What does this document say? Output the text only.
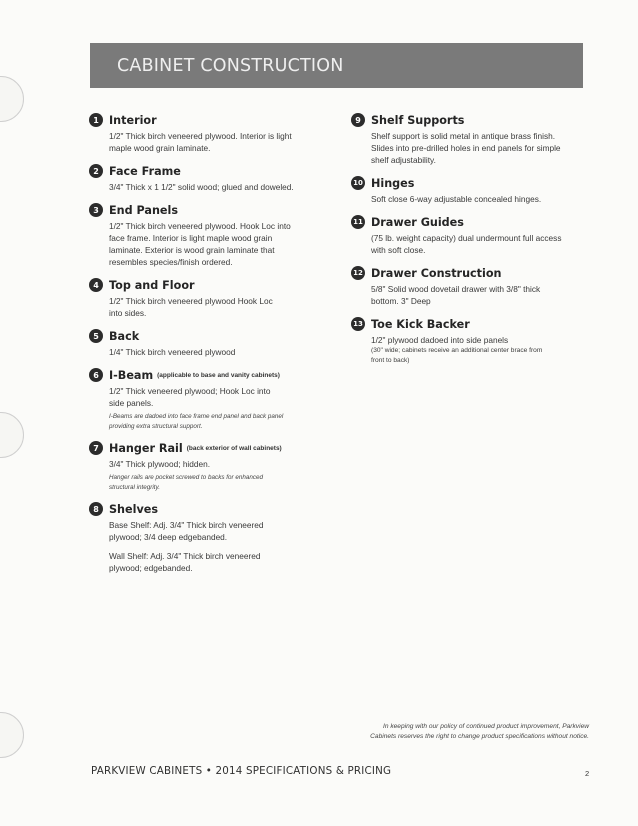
CABINET CONSTRUCTION
1 Interior
1/2" Thick birch veneered plywood. Interior is light
maple wood grain laminate.
2 Face Frame
3/4" Thick x 1 1/2" solid wood; glued and doweled.
3 End Panels
1/2" Thick birch veneered plywood. Hook Loc into
face frame. Interior is light maple wood grain
laminate. Exterior is wood grain laminate that
resembles species/finish ordered.
4 Top and Floor
1/2" Thick birch veneered plywood Hook Loc
into sides.
5 Back
1/4" Thick birch veneered plywood
6 I-Beam (applicable to base and vanity cabinets)
1/2" Thick veneered plywood; Hook Loc into
side panels.
I-Beams are dadoed into face frame end panel and back panel
providing extra structural support.
7 Hanger Rail (back exterior of wall cabinets)
3/4" Thick plywood; hidden.
Hanger rails are pocket screwed to backs for enhanced
structural integrity.
8 Shelves
Base Shelf: Adj. 3/4" Thick birch veneered
plywood; 3/4 deep edgebanded.
Wall Shelf: Adj. 3/4" Thick birch veneered
plywood; edgebanded.
9 Shelf Supports
Shelf support is solid metal in antique brass finish.
Slides into pre-drilled holes in end panels for simple
shelf adjustability.
10 Hinges
Soft close 6-way adjustable concealed hinges.
11 Drawer Guides
(75 lb. weight capacity) dual undermount full access
with soft close.
12 Drawer Construction
5/8" Solid wood dovetail drawer with 3/8" thick
bottom. 3" Deep
13 Toe Kick Backer
1/2" plywood dadoed into side panels
(30" wide; cabinets receive an additional center brace from
front to back)
In keeping with our policy of continued product improvement, Parkview
Cabinets reserves the right to change product specifications without notice.
PARKVIEW CABINETS • 2014 SPECIFICATIONS & PRICING	2
